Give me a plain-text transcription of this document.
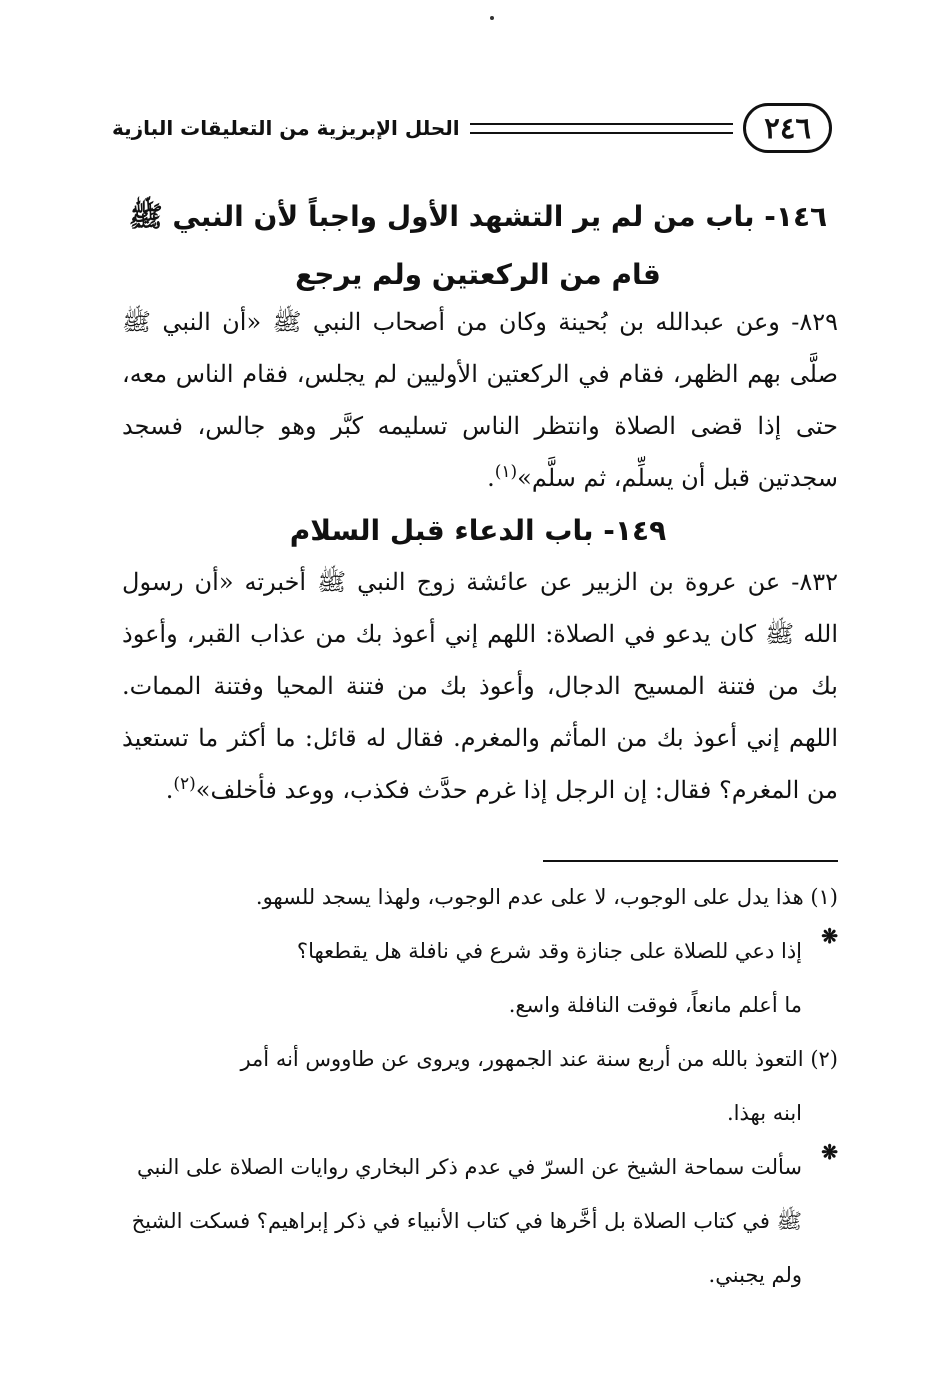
٢٤٦
الحلل الإبريزية من التعليقات البازية
١٤٦- باب من لم ير التشهد الأول واجباً لأن النبي ﷺ قام من الركعتين ولم يرجع
٨٢٩- وعن عبدالله بن بُحينة وكان من أصحاب النبي ﷺ «أن النبي ﷺ صلَّى بهم الظهر، فقام في الركعتين الأوليين لم يجلس، فقام الناس معه، حتى إذا قضى الصلاة وانتظر الناس تسليمه كبَّر وهو جالس، فسجد سجدتين قبل أن يسلِّم، ثم سلَّم»$^{(١)}$.
١٤٩- باب الدعاء قبل السلام
٨٣٢- عن عروة بن الزبير عن عائشة زوج النبي ﷺ أخبرته «أن رسول الله ﷺ كان يدعو في الصلاة: اللهم إني أعوذ بك من عذاب القبر، وأعوذ بك من فتنة المسيح الدجال، وأعوذ بك من فتنة المحيا وفتنة الممات. اللهم إني أعوذ بك من المأثم والمغرم. فقال له قائل: ما أكثر ما تستعيذ من المغرم؟ فقال: إن الرجل إذا غرم حدَّث فكذب، ووعد فأخلف»$^{(٢)}$.
(١) هذا يدل على الوجوب، لا على عدم الوجوب، ولهذا يسجد للسهو.
❋
إذا دعي للصلاة على جنازة وقد شرع في نافلة هل يقطعها؟
ما أعلم مانعاً، فوقت النافلة واسع.
(٢) التعوذ بالله من أربع سنة عند الجمهور، ويروى عن طاووس أنه أمر
ابنه بهذا.
❋
سألت سماحة الشيخ عن السرّ في عدم ذكر البخاري روايات الصلاة على النبي ﷺ في كتاب الصلاة بل أخَّرها في كتاب الأنبياء في ذكر إبراهيم؟ فسكت الشيخ ولم يجبني.
